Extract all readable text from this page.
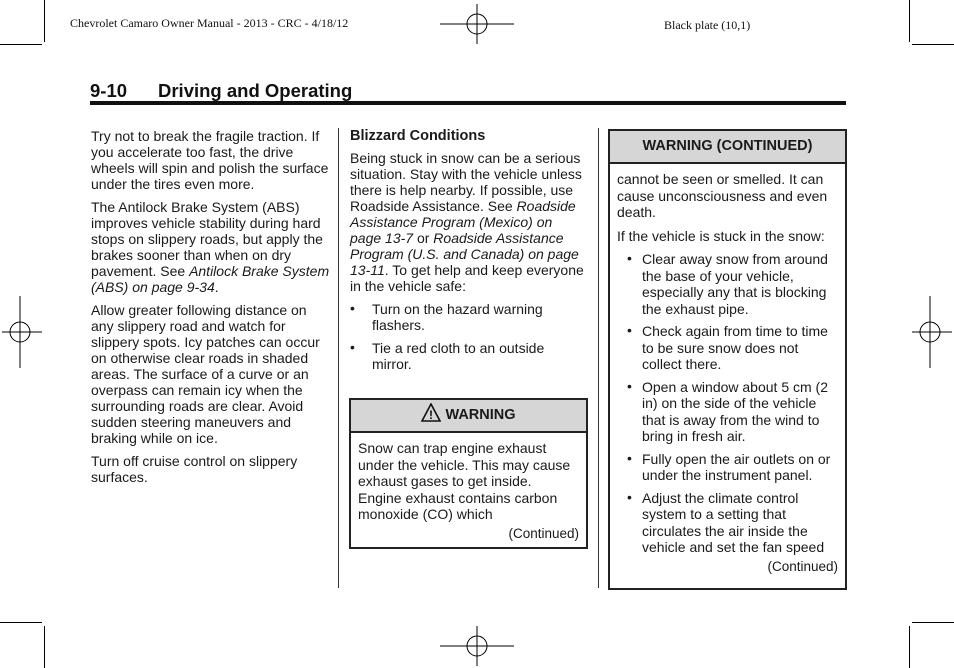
Chevrolet Camaro Owner Manual - 2013 - CRC - 4/18/12	Black plate (10,1)
9-10 Driving and Operating

Try not to break the fragile traction. If you accelerate too fast, the drive wheels will spin and polish the surface under the tires even more.

The Antilock Brake System (ABS) improves vehicle stability during hard stops on slippery roads, but apply the brakes sooner than when on dry pavement. See Antilock Brake System (ABS) on page 9-34.

Allow greater following distance on any slippery road and watch for slippery spots. Icy patches can occur on otherwise clear roads in shaded areas. The surface of a curve or an overpass can remain icy when the surrounding roads are clear. Avoid sudden steering maneuvers and braking while on ice.

Turn off cruise control on slippery surfaces.

Blizzard Conditions

Being stuck in snow can be a serious situation. Stay with the vehicle unless there is help nearby. If possible, use Roadside Assistance. See Roadside Assistance Program (Mexico) on page 13-7 or Roadside Assistance Program (U.S. and Canada) on page 13-11. To get help and keep everyone in the vehicle safe:

• Turn on the hazard warning flashers.
• Tie a red cloth to an outside mirror.
! WARNING

Snow can trap engine exhaust under the vehicle. This may cause exhaust gases to get inside. Engine exhaust contains carbon monoxide (CO) which

(Continued)
WARNING (CONTINUED)

cannot be seen or smelled. It can cause unconsciousness and even death.

If the vehicle is stuck in the snow:

• Clear away snow from around the base of your vehicle, especially any that is blocking the exhaust pipe.
• Check again from time to time to be sure snow does not collect there.
• Open a window about 5 cm (2 in) on the side of the vehicle that is away from the wind to bring in fresh air.
• Fully open the air outlets on or under the instrument panel.
• Adjust the climate control system to a setting that circulates the air inside the vehicle and set the fan speed
(Continued)
